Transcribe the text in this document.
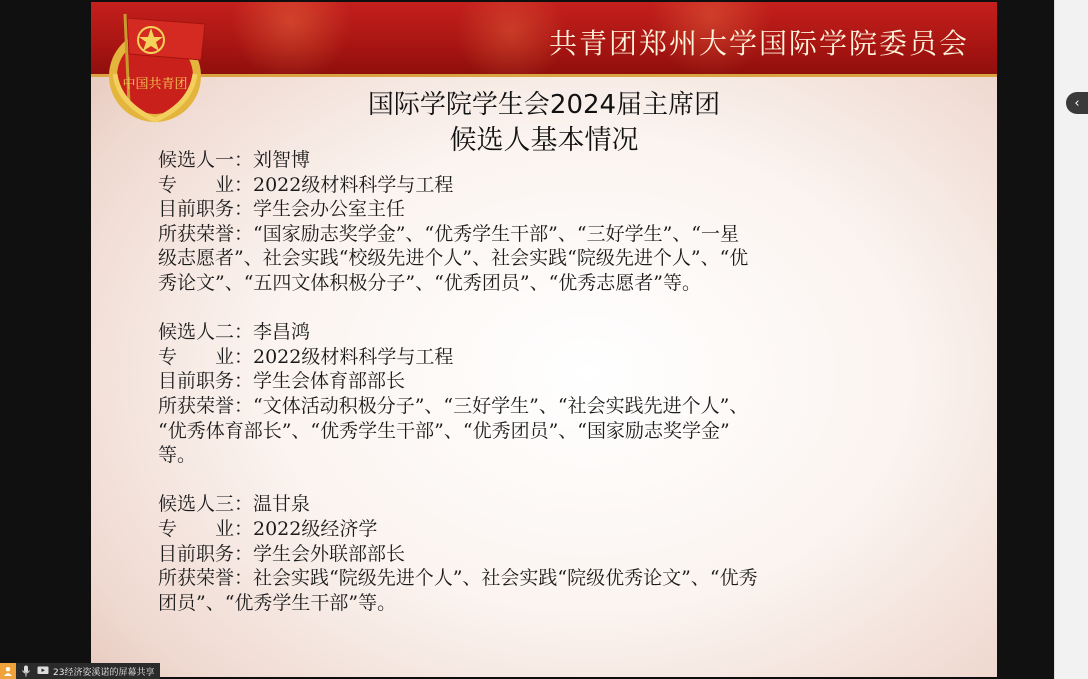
共青团郑州大学国际学院委员会
中国共青团
国际学院学生会2024届主席团
候选人基本情况
候选人一：刘智博
专　　业：2022级材料科学与工程
目前职务：学生会办公室主任
所获荣誉：“国家励志奖学金”、“优秀学生干部”、“三好学生”、“一星
级志愿者”、社会实践“校级先进个人”、社会实践“院级先进个人”、“优
秀论文”、“五四文体积极分子”、“优秀团员”、“优秀志愿者”等。
候选人二：李昌鸿
专　　业：2022级材料科学与工程
目前职务：学生会体育部部长
所获荣誉：“文体活动积极分子”、“三好学生”、“社会实践先进个人”、
“优秀体育部长”、“优秀学生干部”、“优秀团员”、“国家励志奖学金”
等。
候选人三：温甘泉
专　　业：2022级经济学
目前职务：学生会外联部部长
所获荣誉：社会实践“院级先进个人”、社会实践“院级优秀论文”、“优秀
团员”、“优秀学生干部”等。
‹
23经济姿溪诺的屏幕共享
